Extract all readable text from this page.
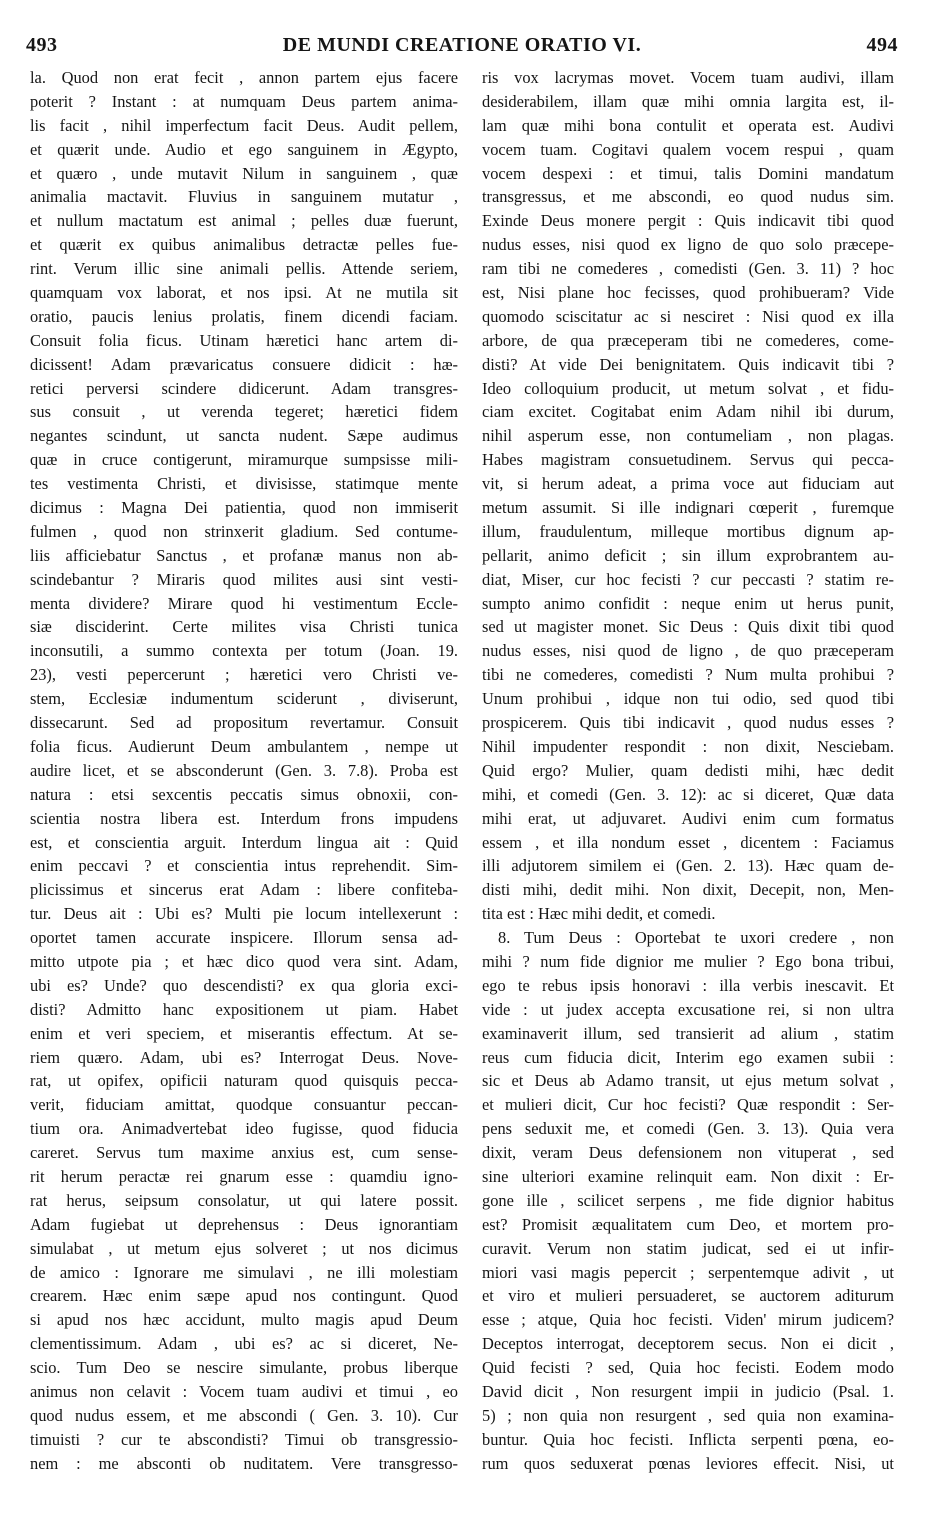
493	DE MUNDI CREATIONE ORATIO VI.	494
la. Quod non erat fecit , annon partem ejus facere
poterit ? Instant : at numquam Deus partem anima-
lis facit , nihil imperfectum facit Deus. Audit pellem,
et quærit unde. Audio et ego sanguinem in Ægypto,
et quæro , unde mutavit Nilum in sanguinem , quæ
animalia mactavit. Fluvius in sanguinem mutatur ,
et nullum mactatum est animal ; pelles duæ fuerunt,
et quærit ex quibus animalibus detractæ pelles fue-
rint. Verum illic sine animali pellis. Attende seriem,
quamquam vox laborat, et nos ipsi. At ne mutila sit
oratio, paucis lenius prolatis, finem dicendi faciam.
Consuit folia ficus. Utinam hæretici hanc artem di-
dicissent! Adam prævaricatus consuere didicit : hæ-
retici perversi scindere didicerunt. Adam transgres-
sus consuit , ut verenda tegeret; hæretici fidem
negantes scindunt, ut sancta nudent. Sæpe audimus
quæ in cruce contigerunt, miramurque sumpsisse mili-
tes vestimenta Christi, et divisisse, statimque mente
dicimus : Magna Dei patientia, quod non immiserit
fulmen , quod non strinxerit gladium. Sed contume-
liis afficiebatur Sanctus , et profanæ manus non ab-
scindebantur ? Miraris quod milites ausi sint vesti-
menta dividere? Mirare quod hi vestimentum Eccle-
siæ disciderint. Certe milites visa Christi tunica
inconsutili, a summo contexta per totum (Joan. 19.
23), vesti pepercerunt ; hæretici vero Christi ve-
stem, Ecclesiæ indumentum sciderunt , diviserunt,
dissecarunt. Sed ad propositum revertamur. Consuit
folia ficus. Audierunt Deum ambulantem , nempe ut
audire licet, et se absconderunt (Gen. 3. 7.8). Proba est
natura : etsi sexcentis peccatis simus obnoxii, con-
scientia nostra libera est. Interdum frons impudens
est, et conscientia arguit. Interdum lingua ait : Quid
enim peccavi ? et conscientia intus reprehendit. Sim-
plicissimus et sincerus erat Adam : libere confiteba-
tur. Deus ait : Ubi es? Multi pie locum intellexerunt :
oportet tamen accurate inspicere. Illorum sensa ad-
mitto utpote pia ; et hæc dico quod vera sint. Adam,
ubi es? Unde? quo descendisti? ex qua gloria exci-
disti? Admitto hanc expositionem ut piam. Habet
enim et veri speciem, et miserantis effectum. At se-
riem quæro. Adam, ubi es? Interrogat Deus. Nove-
rat, ut opifex, opificii naturam quod quisquis pecca-
verit, fiduciam amittat, quodque consuantur peccan-
tium ora. Animadvertebat ideo fugisse, quod fiducia
careret. Servus tum maxime anxius est, cum sense-
rit herum peractæ rei gnarum esse : quamdiu igno-
rat herus, seipsum consolatur, ut qui latere possit.
Adam fugiebat ut deprehensus : Deus ignorantiam
simulabat , ut metum ejus solveret ; ut nos dicimus
de amico : Ignorare me simulavi , ne illi molestiam
crearem. Hæc enim sæpe apud nos contingunt. Quod
si apud nos hæc accidunt, multo magis apud Deum
clementissimum. Adam , ubi es? ac si diceret, Ne-
scio. Tum Deo se nescire simulante, probus liberque
animus non celavit : Vocem tuam audivi et timui , eo
quod nudus essem, et me abscondi ( Gen. 3. 10). Cur
timuisti ? cur te abscondisti? Timui ob transgressio-
nem : me absconti ob nuditatem. Vere transgresso-
ris vox lacrymas movet. Vocem tuam audivi, illam
desiderabilem, illam quæ mihi omnia largita est, il-
lam quæ mihi bona contulit et operata est. Audivi
vocem tuam. Cogitavi qualem vocem respui , quam
vocem despexi : et timui, talis Domini mandatum
transgressus, et me abscondi, eo quod nudus sim.
Exinde Deus monere pergit : Quis indicavit tibi quod
nudus esses, nisi quod ex ligno de quo solo præcepe-
ram tibi ne comederes , comedisti (Gen. 3. 11) ? hoc
est, Nisi plane hoc fecisses, quod prohibueram? Vide
quomodo sciscitatur ac si nesciret : Nisi quod ex illa
arbore, de qua præceperam tibi ne comederes, come-
disti? At vide Dei benignitatem. Quis indicavit tibi ?
Ideo colloquium producit, ut metum solvat , et fidu-
ciam excitet. Cogitabat enim Adam nihil ibi durum,
nihil asperum esse, non contumeliam , non plagas.
Habes magistram consuetudinem. Servus qui pecca-
vit, si herum adeat, a prima voce aut fiduciam aut
metum assumit. Si ille indignari cœperit , furemque
illum, fraudulentum, milleque mortibus dignum ap-
pellarit, animo deficit ; sin illum exprobrantem au-
diat, Miser, cur hoc fecisti ? cur peccasti ? statim re-
sumpto animo confidit : neque enim ut herus punit,
sed ut magister monet. Sic Deus : Quis dixit tibi quod
nudus esses, nisi quod de ligno , de quo præceperam
tibi ne comederes, comedisti ? Num multa prohibui ?
Unum prohibui , idque non tui odio, sed quod tibi
prospicerem. Quis tibi indicavit , quod nudus esses ?
Nihil impudenter respondit : non dixit, Nesciebam.
Quid ergo? Mulier, quam dedisti mihi, hæc dedit
mihi, et comedi (Gen. 3. 12): ac si diceret, Quæ data
mihi erat, ut adjuvaret. Audivi enim cum formatus
essem , et illa nondum esset , dicentem : Faciamus
illi adjutorem similem ei (Gen. 2. 13). Hæc quam de-
disti mihi, dedit mihi. Non dixit, Decepit, non, Men-
tita est : Hæc mihi dedit, et comedi.
8. Tum Deus : Oportebat te uxori credere , non
mihi ? num fide dignior me mulier ? Ego bona tribui,
ego te rebus ipsis honoravi : illa verbis inescavit. Et
vide : ut judex accepta excusatione rei, si non ultra
examinaverit illum, sed transierit ad alium , statim
reus cum fiducia dicit, Interim ego examen subii :
sic et Deus ab Adamo transit, ut ejus metum solvat ,
et mulieri dicit, Cur hoc fecisti? Quæ respondit : Ser-
pens seduxit me, et comedi (Gen. 3. 13). Quia vera
dixit, veram Deus defensionem non vituperat , sed
sine ulteriori examine relinquit eam. Non dixit : Er-
gone ille , scilicet serpens , me fide dignior habitus
est? Promisit æqualitatem cum Deo, et mortem pro-
curavit. Verum non statim judicat, sed ei ut infir-
miori vasi magis pepercit ; serpentemque adivit , ut
et viro et mulieri persuaderet, se auctorem aditurum
esse ; atque, Quia hoc fecisti. Viden' mirum judicem?
Deceptos interrogat, deceptorem secus. Non ei dicit ,
Quid fecisti ? sed, Quia hoc fecisti. Eodem modo
David dicit , Non resurgent impii in judicio (Psal. 1.
5) ; non quia non resurgent , sed quia non examina-
buntur. Quia hoc fecisti. Inflicta serpenti pœna, eo-
rum quos seduxerat pœnas leviores effecit. Nisi, ut
